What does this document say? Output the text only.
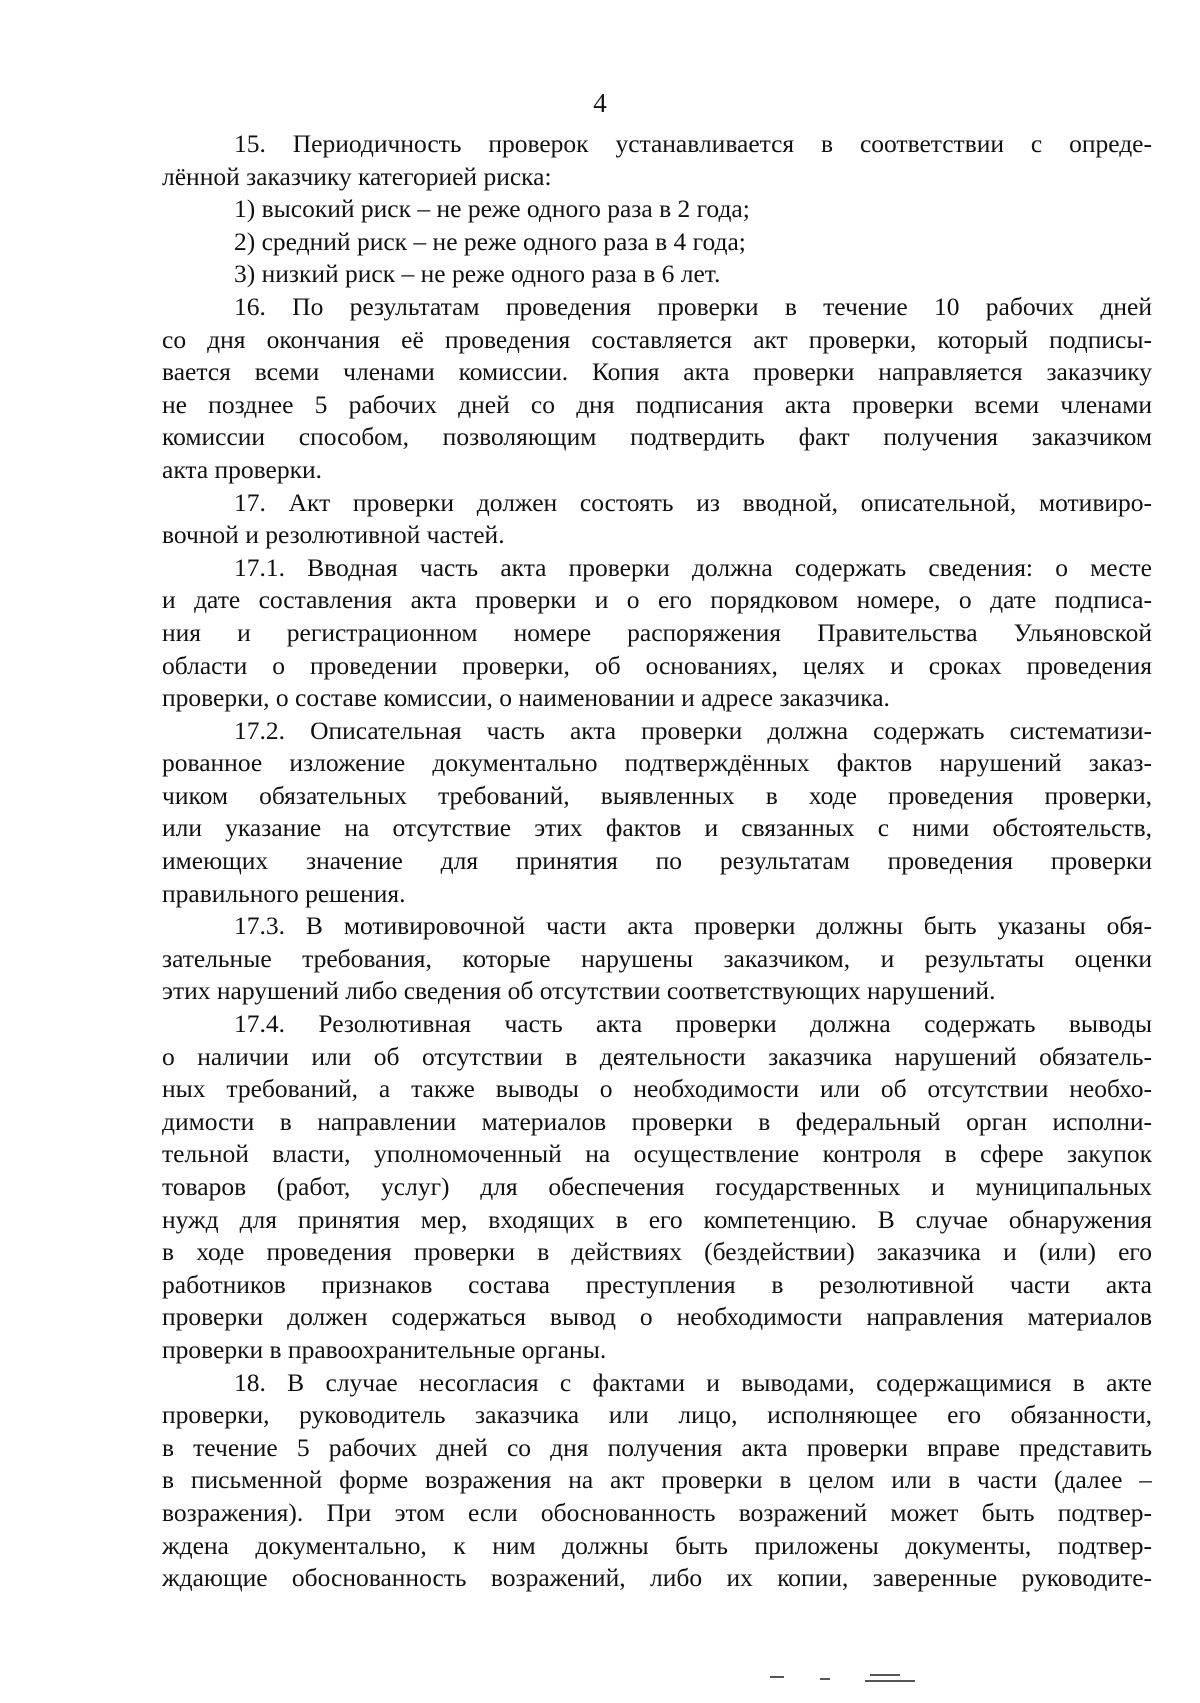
4
15. Периодичность проверок устанавливается в соответствии с опреде-
лённой заказчику категорией риска:
1) высокий риск – не реже одного раза в 2 года;
2) средний риск – не реже одного раза в 4 года;
3) низкий риск – не реже одного раза в 6 лет.
16. По результатам проведения проверки в течение 10 рабочих дней
со дня окончания её проведения составляется акт проверки, который подписы-
вается всеми членами комиссии. Копия акта проверки направляется заказчику
не позднее 5 рабочих дней со дня подписания акта проверки всеми членами
комиссии способом, позволяющим подтвердить факт получения заказчиком
акта проверки.
17. Акт проверки должен состоять из вводной, описательной, мотивиро-
вочной и резолютивной частей.
17.1. Вводная часть акта проверки должна содержать сведения: о месте
и дате составления акта проверки и о его порядковом номере, о дате подписа-
ния и регистрационном номере распоряжения Правительства Ульяновской
области о проведении проверки, об основаниях, целях и сроках проведения
проверки, о составе комиссии, о наименовании и адресе заказчика.
17.2. Описательная часть акта проверки должна содержать систематизи-
рованное изложение документально подтверждённых фактов нарушений заказ-
чиком обязательных требований, выявленных в ходе проведения проверки,
или указание на отсутствие этих фактов и связанных с ними обстоятельств,
имеющих значение для принятия по результатам проведения проверки
правильного решения.
17.3. В мотивировочной части акта проверки должны быть указаны обя-
зательные требования, которые нарушены заказчиком, и результаты оценки
этих нарушений либо сведения об отсутствии соответствующих нарушений.
17.4. Резолютивная часть акта проверки должна содержать выводы
о наличии или об отсутствии в деятельности заказчика нарушений обязатель-
ных требований, а также выводы о необходимости или об отсутствии необхо-
димости в направлении материалов проверки в федеральный орган исполни-
тельной власти, уполномоченный на осуществление контроля в сфере закупок
товаров (работ, услуг) для обеспечения государственных и муниципальных
нужд для принятия мер, входящих в его компетенцию. В случае обнаружения
в ходе проведения проверки в действиях (бездействии) заказчика и (или) его
работников признаков состава преступления в резолютивной части акта
проверки должен содержаться вывод о необходимости направления материалов
проверки в правоохранительные органы.
18. В случае несогласия с фактами и выводами, содержащимися в акте
проверки, руководитель заказчика или лицо, исполняющее его обязанности,
в течение 5 рабочих дней со дня получения акта проверки вправе представить
в письменной форме возражения на акт проверки в целом или в части (далее –
возражения). При этом если обоснованность возражений может быть подтвер-
ждена документально, к ним должны быть приложены документы, подтвер-
ждающие обоснованность возражений, либо их копии, заверенные руководите-
